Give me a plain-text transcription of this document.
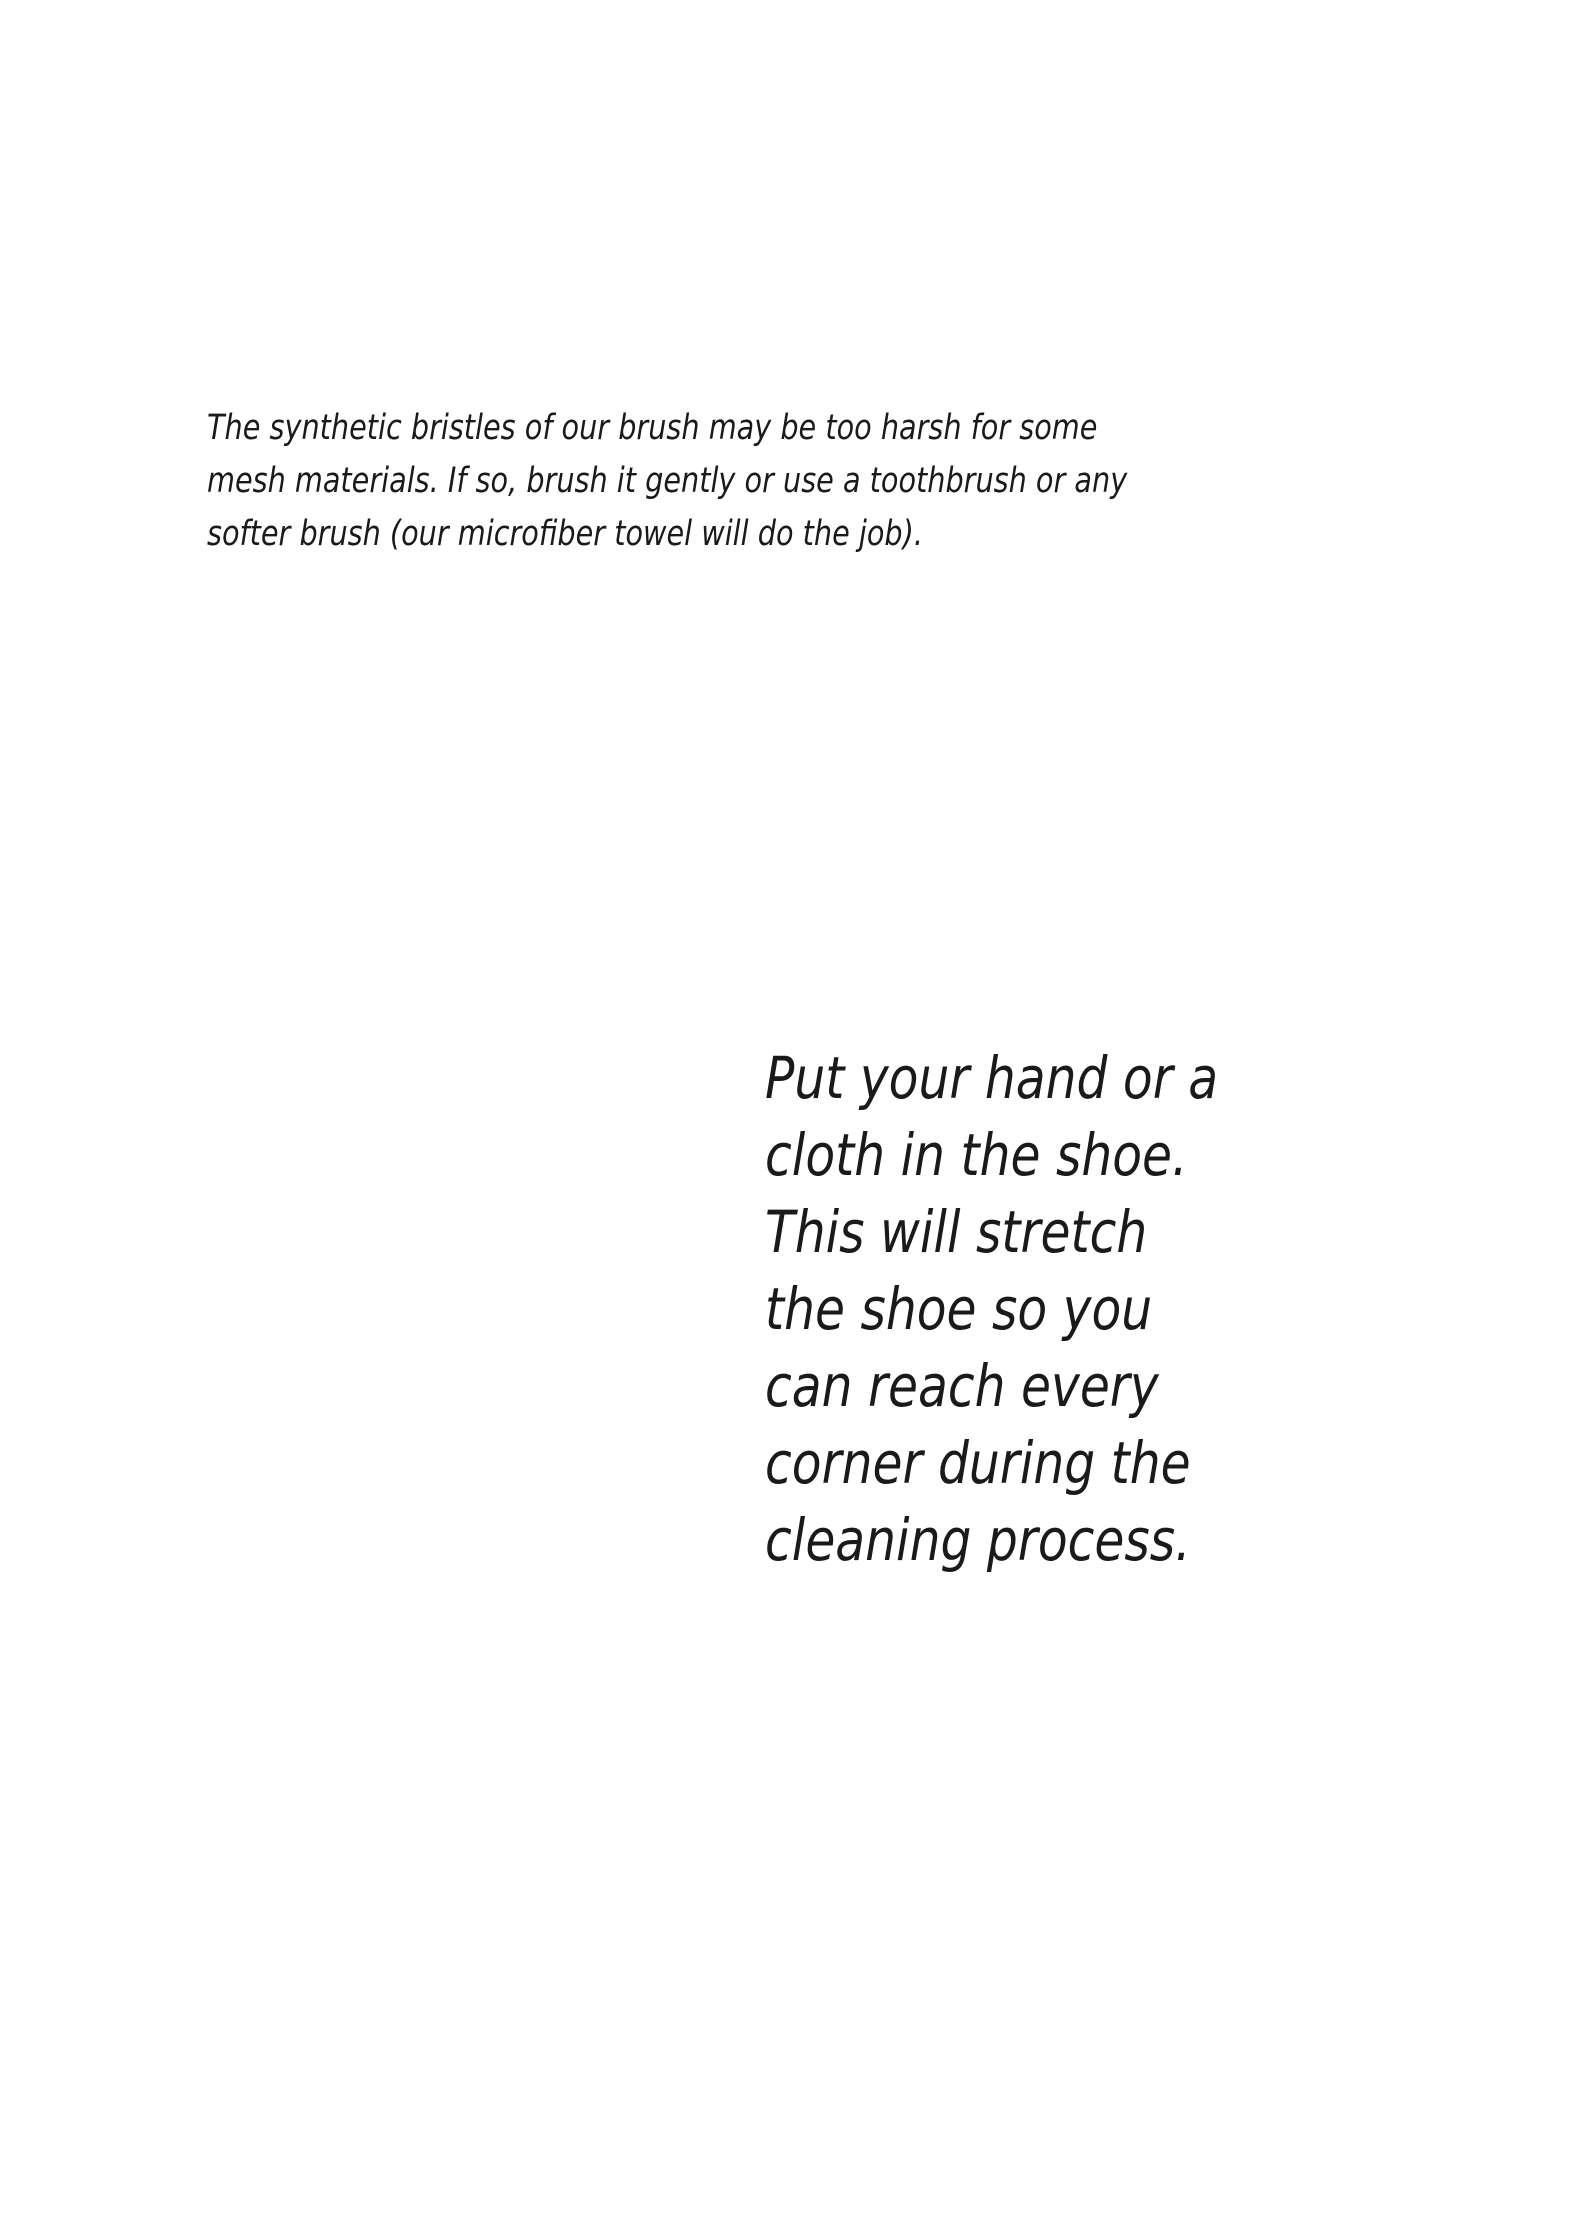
The synthetic bristles of our brush may be too harsh for some
mesh materials. If so, brush it gently or use a toothbrush or any
softer brush (our microfiber towel will do the job).

Put your hand or a
cloth in the shoe.
This will stretch
the shoe so you
can reach every
corner during the
cleaning process.
